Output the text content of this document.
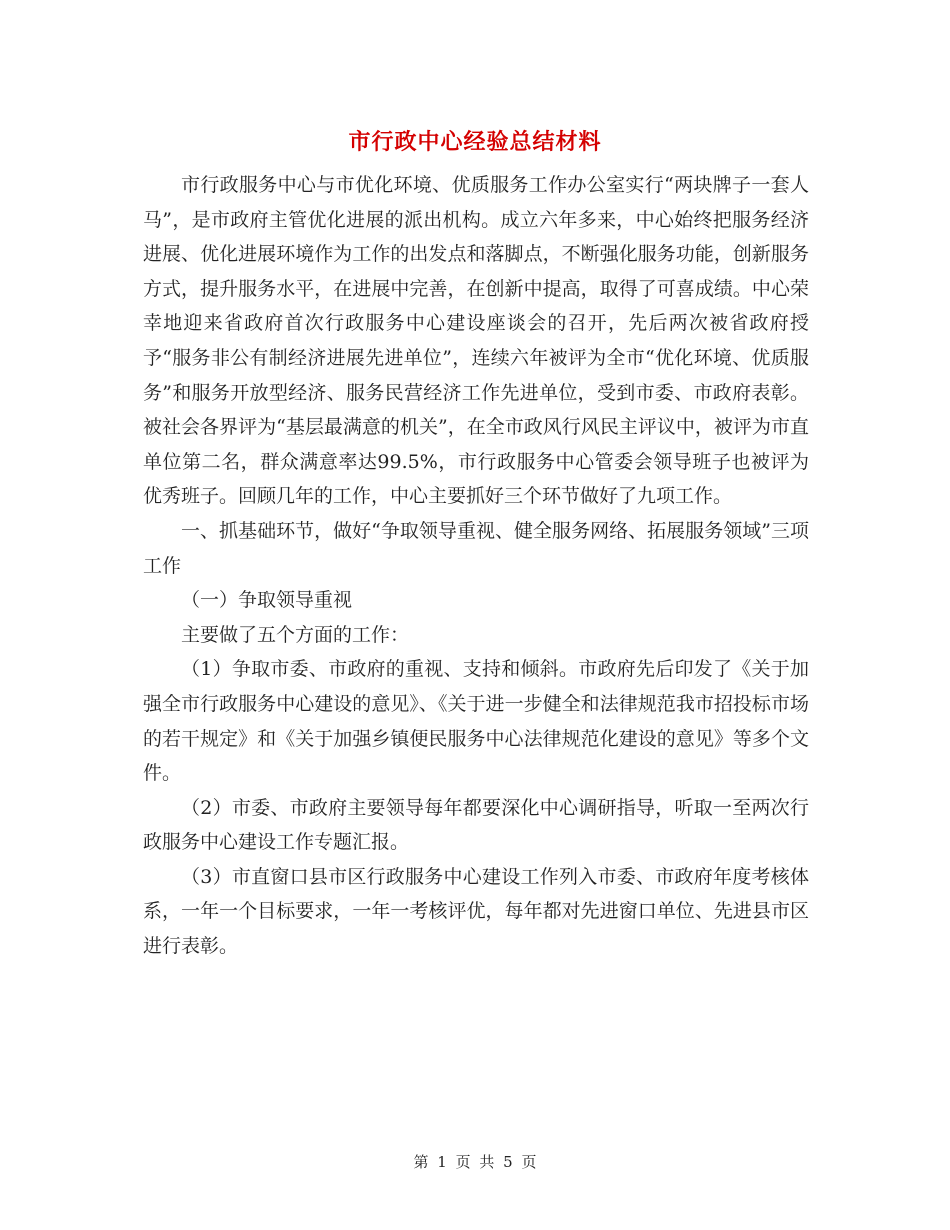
市行政中心经验总结材料

市行政服务中心与市优化环境、优质服务工作办公室实行“两块牌子一套人马”，是市政府主管优化进展的派出机构。成立六年多来，中心始终把服务经济进展、优化进展环境作为工作的出发点和落脚点，不断强化服务功能，创新服务方式，提升服务水平，在进展中完善，在创新中提高，取得了可喜成绩。中心荣幸地迎来省政府首次行政服务中心建设座谈会的召开，先后两次被省政府授予“服务非公有制经济进展先进单位”，连续六年被评为全市“优化环境、优质服务”和服务开放型经济、服务民营经济工作先进单位，受到市委、市政府表彰。被社会各界评为“基层最满意的机关”，在全市政风行风民主评议中，被评为市直单位第二名，群众满意率达99.5%，市行政服务中心管委会领导班子也被评为优秀班子。回顾几年的工作，中心主要抓好三个环节做好了九项工作。

一、抓基础环节，做好“争取领导重视、健全服务网络、拓展服务领域”三项工作

（一）争取领导重视

主要做了五个方面的工作：

（1）争取市委、市政府的重视、支持和倾斜。市政府先后印发了《关于加强全市行政服务中心建设的意见》、《关于进一步健全和法律规范我市招投标市场的若干规定》和《关于加强乡镇便民服务中心法律规范化建设的意见》等多个文件。

（2）市委、市政府主要领导每年都要深化中心调研指导，听取一至两次行政服务中心建设工作专题汇报。

（3）市直窗口县市区行政服务中心建设工作列入市委、市政府年度考核体系，一年一个目标要求，一年一考核评优，每年都对先进窗口单位、先进县市区进行表彰。

第 1 页 共 5 页
